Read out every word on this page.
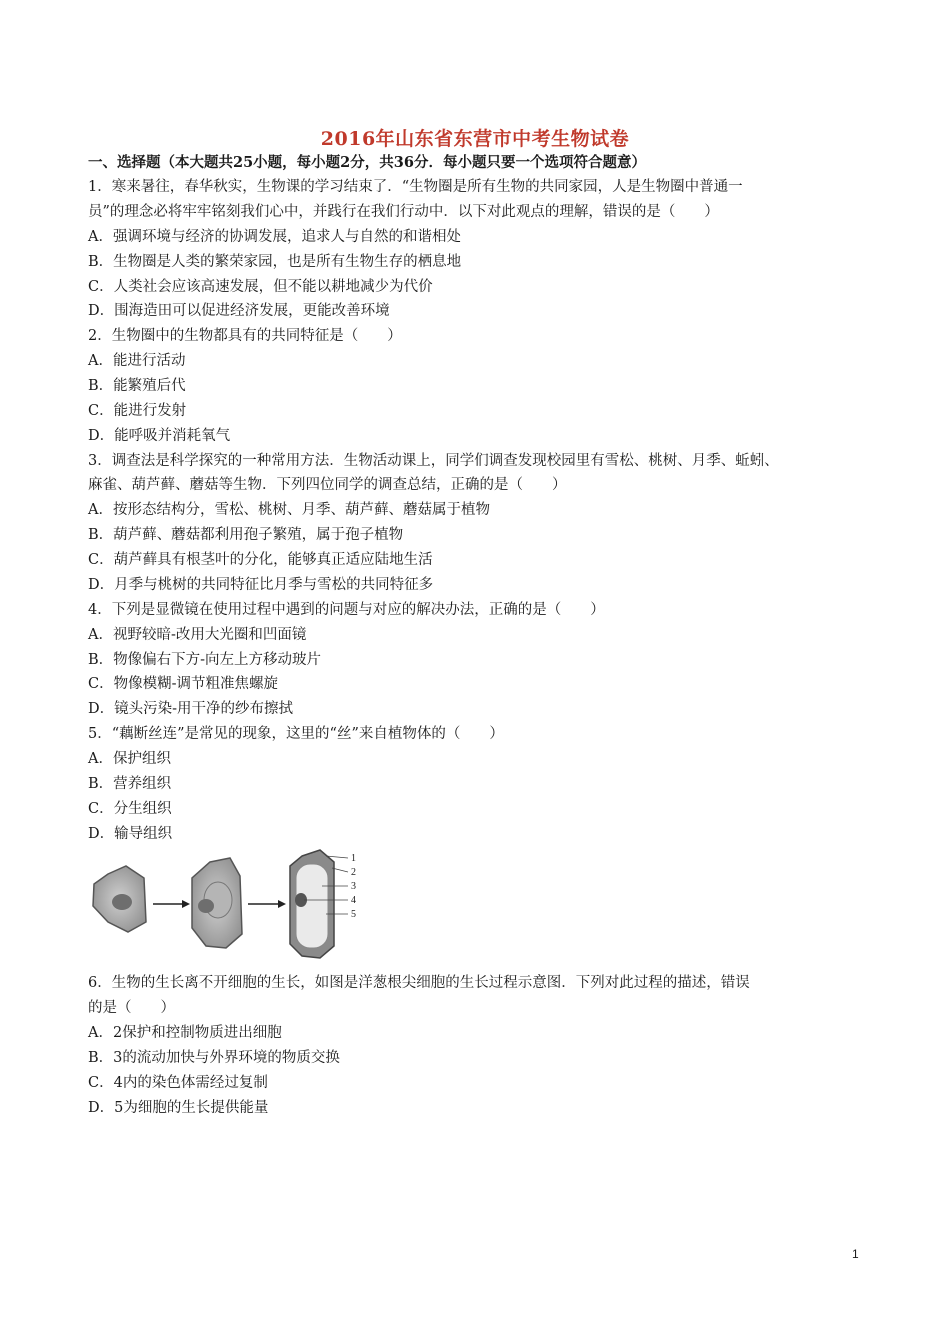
2016年山东省东营市中考生物试卷
一、选择题（本大题共25小题，每小题2分，共36分．每小题只要一个选项符合题意）
1．寒来暑往，春华秋实，生物课的学习结束了．“生物圈是所有生物的共同家园，人是生物圈中普通一
员”的理念必将牢牢铭刻我们心中，并践行在我们行动中．以下对此观点的理解，错误的是（　　）
A．强调环境与经济的协调发展，追求人与自然的和谐相处
B．生物圈是人类的繁荣家园，也是所有生物生存的栖息地
C．人类社会应该高速发展，但不能以耕地减少为代价
D．围海造田可以促进经济发展，更能改善环境
2．生物圈中的生物都具有的共同特征是（　　）
A．能进行活动
B．能繁殖后代
C．能进行发射
D．能呼吸并消耗氧气
3．调查法是科学探究的一种常用方法．生物活动课上，同学们调查发现校园里有雪松、桃树、月季、蚯蚓、
麻雀、葫芦藓、蘑菇等生物．下列四位同学的调查总结，正确的是（　　）
A．按形态结构分，雪松、桃树、月季、葫芦藓、蘑菇属于植物
B．葫芦藓、蘑菇都利用孢子繁殖，属于孢子植物
C．葫芦藓具有根茎叶的分化，能够真正适应陆地生活
D．月季与桃树的共同特征比月季与雪松的共同特征多
4．下列是显微镜在使用过程中遇到的问题与对应的解决办法，正确的是（　　）
A．视野较暗-改用大光圈和凹面镜
B．物像偏右下方-向左上方移动玻片
C．物像模糊-调节粗准焦螺旋
D．镜头污染-用干净的纱布擦拭
5．“藕断丝连”是常见的现象，这里的“丝”来自植物体的（　　）
A．保护组织
B．营养组织
C．分生组织
D．输导组织
1
2
3
4
5
6．生物的生长离不开细胞的生长，如图是洋葱根尖细胞的生长过程示意图．下列对此过程的描述，错误
的是（　　）
A．2保护和控制物质进出细胞
B．3的流动加快与外界环境的物质交换
C．4内的染色体需经过复制
D．5为细胞的生长提供能量
1
